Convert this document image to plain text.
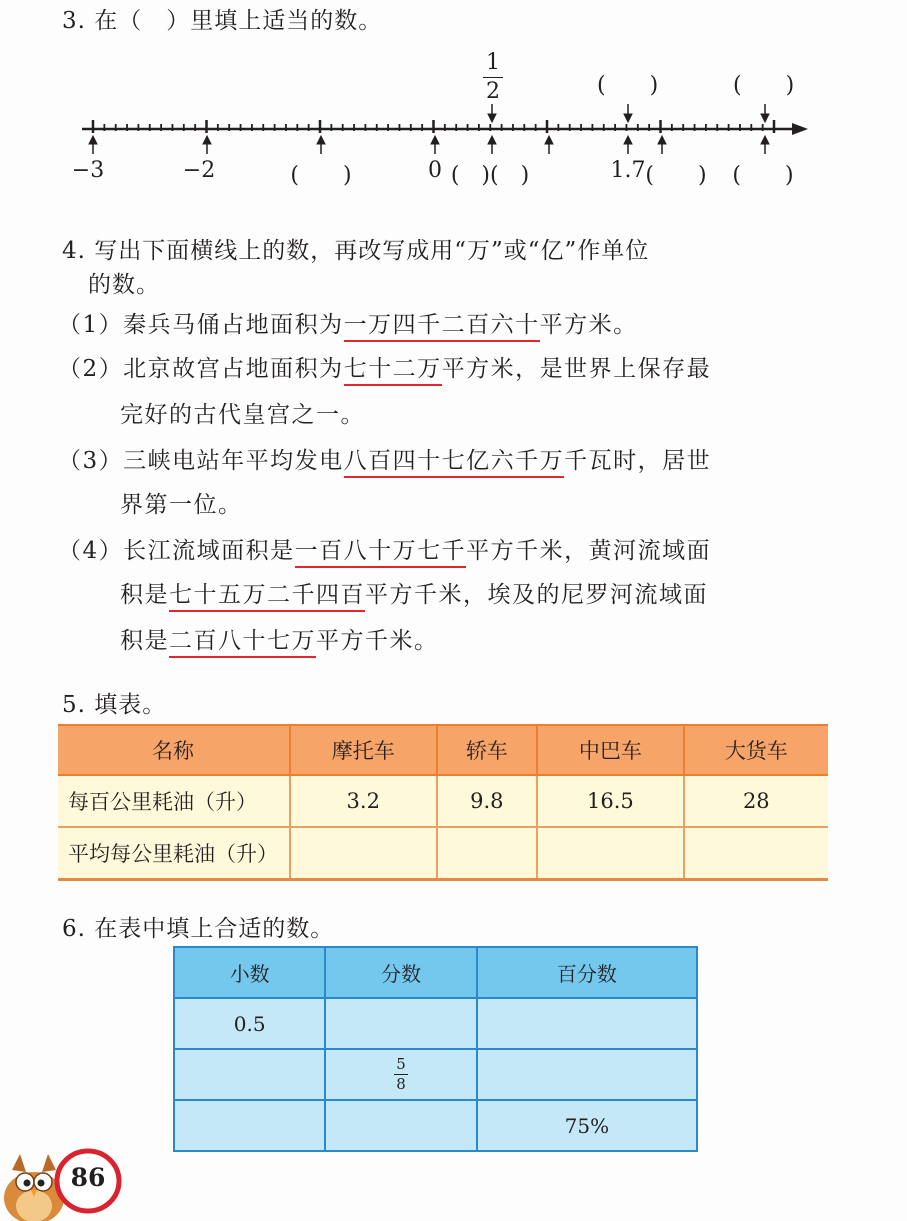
3. 在（　）里填上适当的数。
1
2	(　　)	(　　)
−3	−2	(　　)	0 (　)(　)	1.7 (　　) (　　)
4. 写出下面横线上的数，再改写成用“万”或“亿”作单位
的数。
（1）秦兵马俑占地面积为一万四千二百六十平方米。
（2）北京故宫占地面积为七十二万平方米，是世界上保存最
完好的古代皇宫之一。
（3）三峡电站年平均发电八百四十七亿六千万千瓦时，居世
界第一位。
（4）长江流域面积是一百八十万七千平方千米，黄河流域面
积是七十五万二千四百平方千米，埃及的尼罗河流域面
积是二百八十七万平方千米。
5. 填表。
名称	摩托车	轿车	中巴车	大货车
每百公里耗油（升）	3.2	9.8	16.5	28
平均每公里耗油（升）				
6. 在表中填上合适的数。
小数	分数	百分数
0.5		

	$\frac{5}{8}$

		75%
86
